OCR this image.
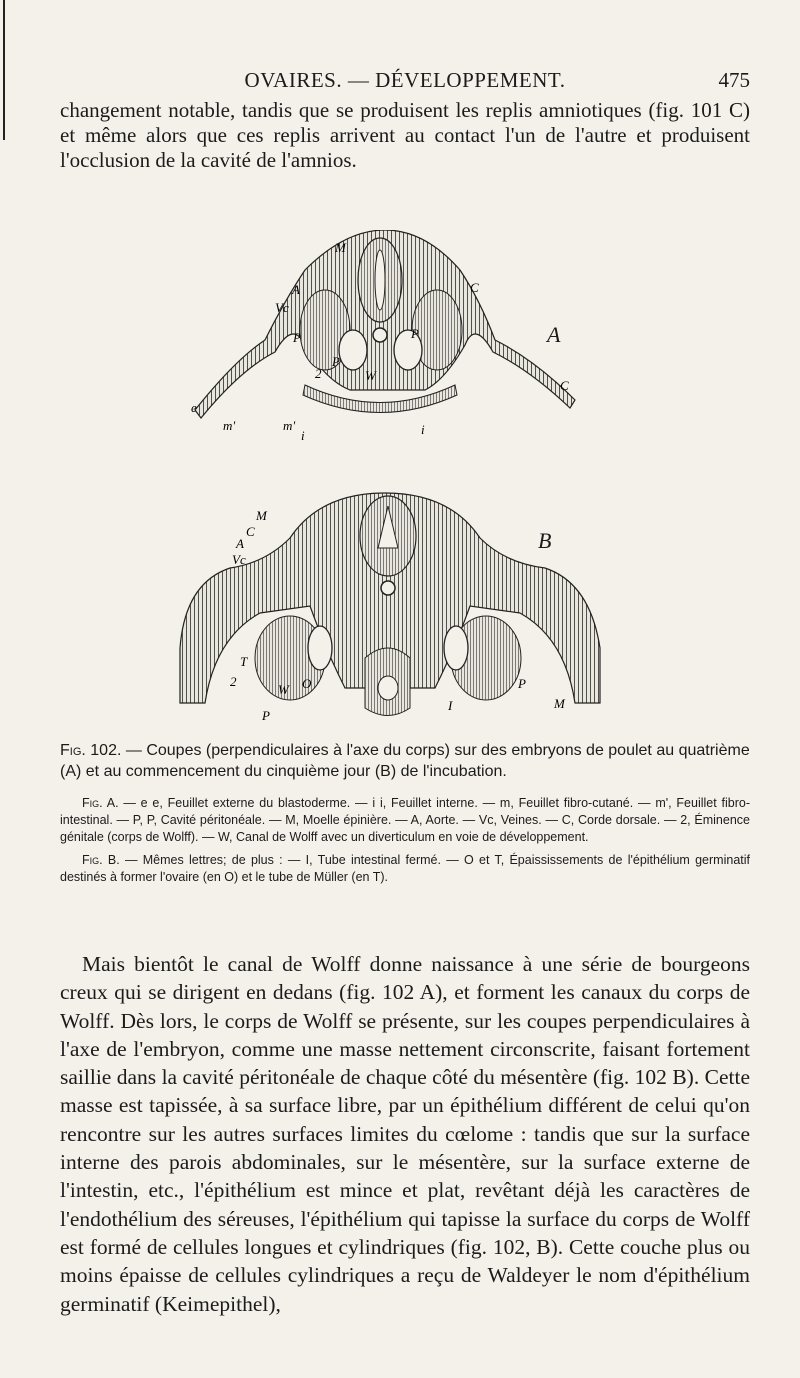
OVAIRES. — DÉVELOPPEMENT.	475

changement notable, tandis que se produisent les replis amniotiques (fig. 101 C) et même alors que ces replis arrivent au contact l'un de l'autre et produisent l'occlusion de la cavité de l'amnios.

M
A
Vc
C
P	P
P
2	W
C
e
m'	m'
i	i
A
M
C
A
Vc
T
2
W O
P
P
I	M
B
Fig. 102. — Coupes (perpendiculaires à l'axe du corps) sur des embryons de poulet au quatrième (A) et au commencement du cinquième jour (B) de l'incubation.

Fig. A. — e e, Feuillet externe du blastoderme. — i i, Feuillet interne. — m, Feuillet fibro-cutané. — m', Feuillet fibro-intestinal. — P, P, Cavité péritonéale. — M, Moelle épinière. — A, Aorte. — Vc, Veines. — C, Corde dorsale. — 2, Éminence génitale (corps de Wolff). — W, Canal de Wolff avec un diverticulum en voie de développement.

Fig. B. — Mêmes lettres; de plus : — I, Tube intestinal fermé. — O et T, Épaississements de l'épithélium germinatif destinés à former l'ovaire (en O) et le tube de Müller (en T).

Mais bientôt le canal de Wolff donne naissance à une série de bourgeons creux qui se dirigent en dedans (fig. 102 A), et forment les canaux du corps de Wolff. Dès lors, le corps de Wolff se présente, sur les coupes perpendiculaires à l'axe de l'embryon, comme une masse nettement circonscrite, faisant fortement saillie dans la cavité péritonéale de chaque côté du mésentère (fig. 102 B). Cette masse est tapissée, à sa surface libre, par un épithélium différent de celui qu'on rencontre sur les autres surfaces limites du cœlome : tandis que sur la surface interne des parois abdominales, sur le mésentère, sur la surface externe de l'intestin, etc., l'épithélium est mince et plat, revêtant déjà les caractères de l'endothélium des séreuses, l'épithélium qui tapisse la surface du corps de Wolff est formé de cellules longues et cylindriques (fig. 102, B). Cette couche plus ou moins épaisse de cellules cylindriques a reçu de Waldeyer le nom d'épithélium germinatif (Keimepithel),
